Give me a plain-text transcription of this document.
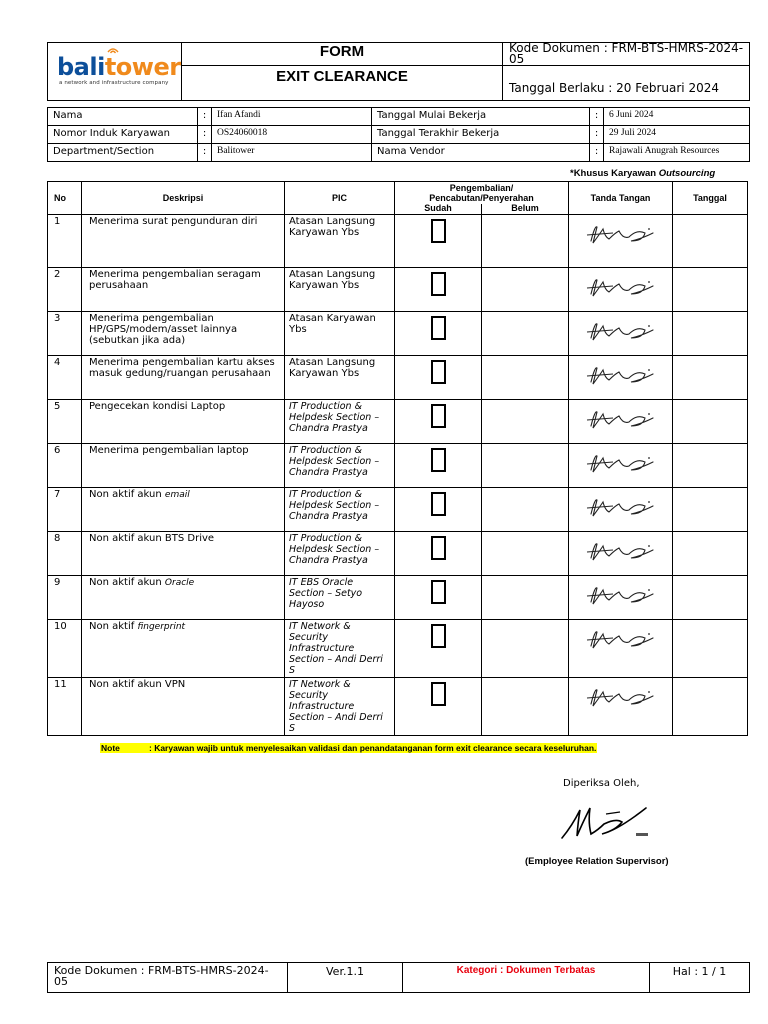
balitower
a network and infrastructure company	FORM	Kode Dokumen : FRM-BTS-HMRS-2024-05
	EXIT CLEARANCE	Tanggal Berlaku : 20 Februari 2024
Nama	:	Ifan Afandi	Tanggal Mulai Bekerja	:	6 Juni 2024
Nomor Induk Karyawan	:	OS24060018	Tanggal Terakhir Bekerja	:	29 Juli 2024
Department/Section	:	Balitower	Nama Vendor	:	Rajawali Anugrah Resources
*Khusus Karyawan Outsourcing
No	Deskripsi	PIC	Pengembalian/ Pencabutan/Penyerahan		Tanda Tangan	Tanggal
			Sudah	Belum		
1	Menerima surat pengunduran diri	Atasan Langsung Karyawan Ybs			

2	Menerima pengembalian seragam perusahaan	Atasan Langsung Karyawan Ybs			

3	Menerima pengembalian HP/GPS/modem/asset lainnya (sebutkan jika ada)	Atasan Karyawan Ybs			

4	Menerima pengembalian kartu akses masuk gedung/ruangan perusahaan	Atasan Langsung Karyawan Ybs			

5	Pengecekan kondisi Laptop	IT Production & Helpdesk Section – Chandra Prastya			

6	Menerima pengembalian laptop	IT Production & Helpdesk Section – Chandra Prastya			

7	Non aktif akun email	IT Production & Helpdesk Section – Chandra Prastya			

8	Non aktif akun BTS Drive	IT Production & Helpdesk Section – Chandra Prastya			

9	Non aktif akun Oracle	IT EBS Oracle Section – Setyo Hayoso			

10	Non aktif fingerprint	IT Network & Security Infrastructure Section – Andi Derri S			

11	Non aktif akun VPN	IT Network & Security Infrastructure Section – Andi Derri S			

Note	: Karyawan wajib untuk menyelesaikan validasi dan penandatanganan form exit clearance secara keseluruhan.
Diperiksa Oleh,
(Employee Relation Supervisor)
Kode Dokumen : FRM-BTS-HMRS-2024-05	Ver.1.1	Kategori : Dokumen Terbatas	Hal : 1 / 1
